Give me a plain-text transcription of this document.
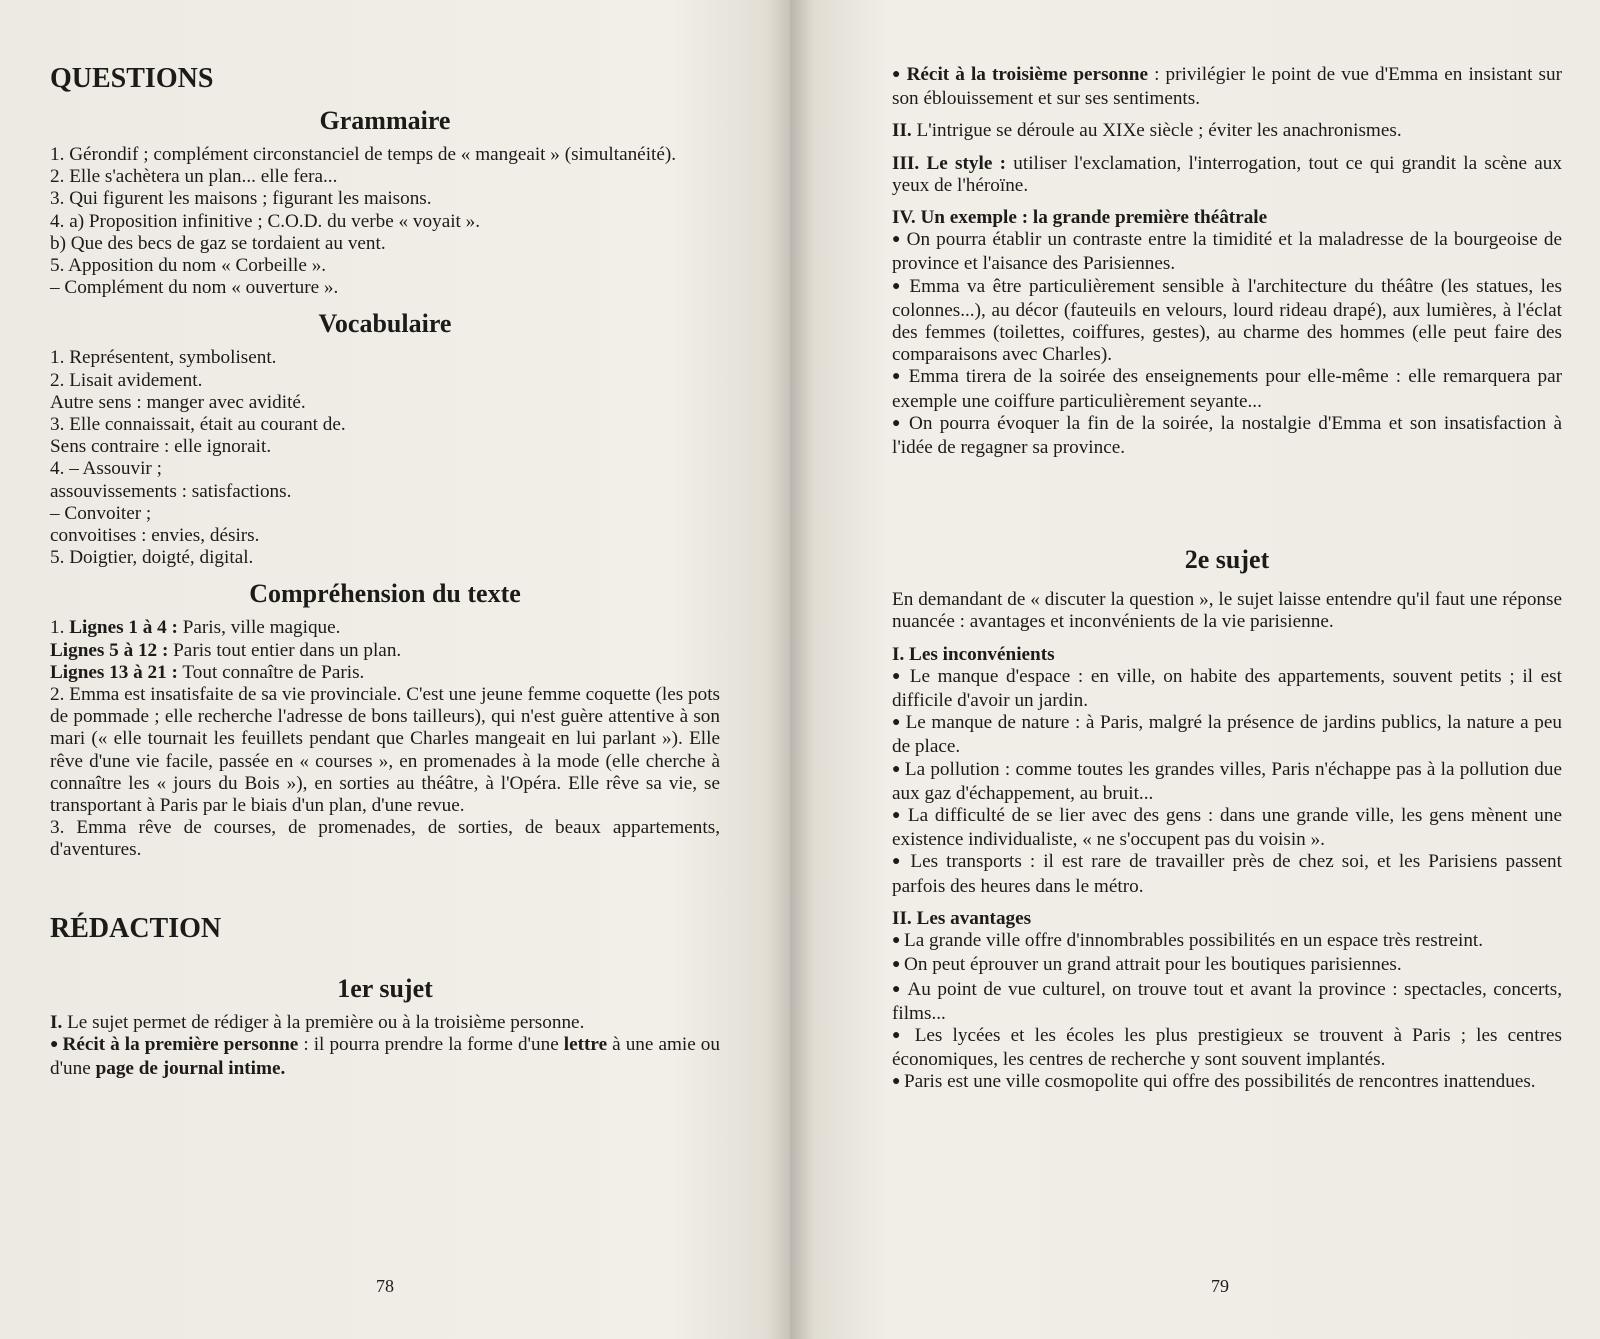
QUESTIONS
Grammaire

1. Gérondif ; complément circonstanciel de temps de « mangeait » (simultanéité).

2. Elle s'achètera un plan... elle fera...

3. Qui figurent les maisons ; figurant les maisons.

4. a) Proposition infinitive ; C.O.D. du verbe « voyait ».

b) Que des becs de gaz se tordaient au vent.

5. Apposition du nom « Corbeille ».

– Complément du nom « ouverture ».

Vocabulaire

1. Représentent, symbolisent.

2. Lisait avidement.

Autre sens : manger avec avidité.

3. Elle connaissait, était au courant de.

Sens contraire : elle ignorait.

4. – Assouvir ;

assouvissements : satisfactions.

– Convoiter ;

convoitises : envies, désirs.

5. Doigtier, doigté, digital.

Compréhension du texte

1. Lignes 1 à 4 : Paris, ville magique.

Lignes 5 à 12 : Paris tout entier dans un plan.

Lignes 13 à 21 : Tout connaître de Paris.

2. Emma est insatisfaite de sa vie provinciale. C'est une jeune femme coquette (les pots de pommade ; elle recherche l'adresse de bons tailleurs), qui n'est guère attentive à son mari (« elle tournait les feuillets pendant que Charles mangeait en lui parlant »). Elle rêve d'une vie facile, passée en « courses », en promenades à la mode (elle cherche à connaître les « jours du Bois »), en sorties au théâtre, à l'Opéra. Elle rêve sa vie, se transportant à Paris par le biais d'un plan, d'une revue.

3. Emma rêve de courses, de promenades, de sorties, de beaux appartements, d'aventures.

RÉDACTION
1er sujet

I. Le sujet permet de rédiger à la première ou à la troisième personne.

● Récit à la première personne : il pourra prendre la forme d'une lettre à une amie ou d'une page de journal intime.

78

● Récit à la troisième personne : privilégier le point de vue d'Emma en insistant sur son éblouissement et sur ses sentiments.

II. L'intrigue se déroule au XIXe siècle ; éviter les anachronismes.

III. Le style : utiliser l'exclamation, l'interrogation, tout ce qui grandit la scène aux yeux de l'héroïne.

IV. Un exemple : la grande première théâtrale

● On pourra établir un contraste entre la timidité et la maladresse de la bourgeoise de province et l'aisance des Parisiennes.

● Emma va être particulièrement sensible à l'architecture du théâtre (les statues, les colonnes...), au décor (fauteuils en velours, lourd rideau drapé), aux lumières, à l'éclat des femmes (toilettes, coiffures, gestes), au charme des hommes (elle peut faire des comparaisons avec Charles).

● Emma tirera de la soirée des enseignements pour elle-même : elle remarquera par exemple une coiffure particulièrement seyante...

● On pourra évoquer la fin de la soirée, la nostalgie d'Emma et son insatisfaction à l'idée de regagner sa province.

2e sujet

En demandant de « discuter la question », le sujet laisse entendre qu'il faut une réponse nuancée : avantages et inconvénients de la vie parisienne.

I. Les inconvénients

● Le manque d'espace : en ville, on habite des appartements, souvent petits ; il est difficile d'avoir un jardin.

● Le manque de nature : à Paris, malgré la présence de jardins publics, la nature a peu de place.

● La pollution : comme toutes les grandes villes, Paris n'échappe pas à la pollution due aux gaz d'échappement, au bruit...

● La difficulté de se lier avec des gens : dans une grande ville, les gens mènent une existence individualiste, « ne s'occupent pas du voisin ».

● Les transports : il est rare de travailler près de chez soi, et les Parisiens passent parfois des heures dans le métro.

II. Les avantages

● La grande ville offre d'innombrables possibilités en un espace très restreint.

● On peut éprouver un grand attrait pour les boutiques parisiennes.

● Au point de vue culturel, on trouve tout et avant la province : spectacles, concerts, films...

● Les lycées et les écoles les plus prestigieux se trouvent à Paris ; les centres économiques, les centres de recherche y sont souvent implantés.

● Paris est une ville cosmopolite qui offre des possibilités de rencontres inattendues.

79
